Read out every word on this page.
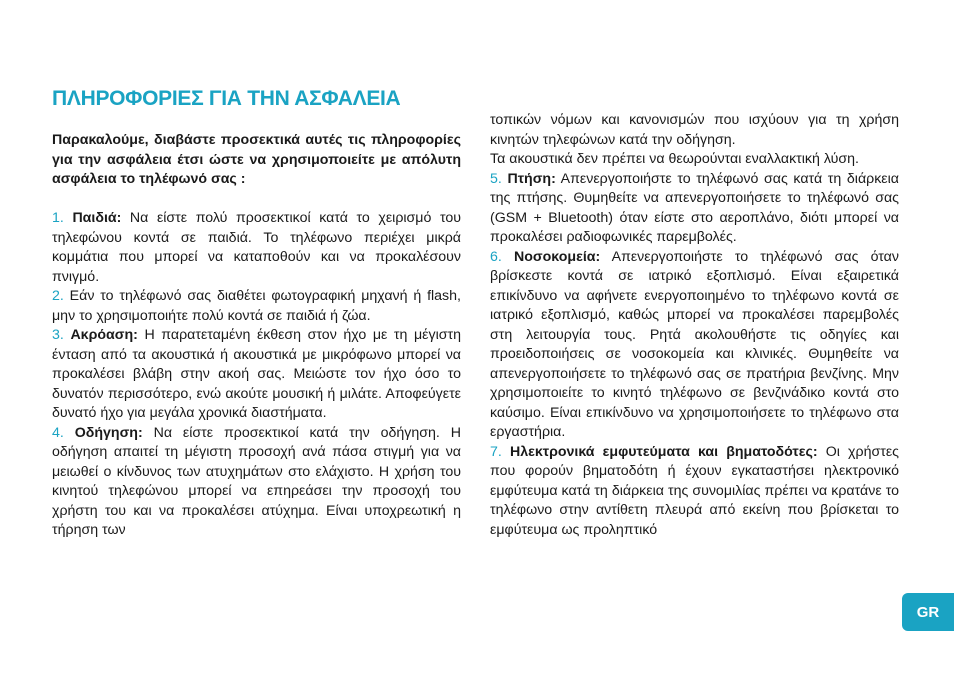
ΠΛΗΡΟΦΟΡΙΕΣ ΓΙΑ ΤΗΝ ΑΣΦΑΛΕΙΑ

Παρακαλούμε, διαβάστε προσεκτικά αυτές τις πληροφορίες για την ασφάλεια έτσι ώστε να χρησιμοποιείτε με απόλυτη ασφάλεια το τηλέφωνό σας :

1. Παιδιά: Να είστε πολύ προσεκτικοί κατά το χειρισμό του τηλεφώνου κοντά σε παιδιά. Το τηλέφωνο περιέχει μικρά κομμάτια που μπορεί να καταποθούν και να προκαλέσουν πνιγμό.

2. Εάν το τηλέφωνό σας διαθέτει φωτογραφική μηχανή ή flash, μην το χρησιμοποιήτε πολύ κοντά σε παιδιά ή ζώα.

3. Ακρόαση: Η παρατεταμένη έκθεση στον ήχο με τη μέγιστη ένταση από τα ακουστικά ή ακουστικά με μικρόφωνο μπορεί να προκαλέσει βλάβη στην ακοή σας. Μειώστε τον ήχο όσο το δυνατόν περισσότερο, ενώ ακούτε μουσική ή μιλάτε. Αποφεύγετε δυνατό ήχο για μεγάλα χρονικά διαστήματα.

4. Οδήγηση: Να είστε προσεκτικοί κατά την οδήγηση. Η οδήγηση απαιτεί τη μέγιστη προσοχή ανά πάσα στιγμή για να μειωθεί ο κίνδυνος των ατυχημάτων στο ελάχιστο. Η χρήση του κινητού τηλεφώνου μπορεί να επηρεάσει την προσοχή του χρήστη του και να προκαλέσει ατύχημα. Είναι υποχρεωτική η τήρηση των

τοπικών νόμων και κανονισμών που ισχύουν για τη χρήση κινητών τηλεφώνων κατά την οδήγηση.

Τα ακουστικά δεν πρέπει να θεωρούνται εναλλακτική λύση.

5. Πτήση: Απενεργοποιήστε το τηλέφωνό σας κατά τη διάρκεια της πτήσης. Θυμηθείτε να απενεργοποιήσετε το τηλέφωνό σας (GSM + Bluetooth) όταν είστε στο αεροπλάνο, διότι μπορεί να προκαλέσει ραδιοφωνικές παρεμβολές.

6. Νοσοκομεία: Απενεργοποιήστε το τηλέφωνό σας όταν βρίσκεστε κοντά σε ιατρικό εξοπλισμό. Είναι εξαιρετικά επικίνδυνο να αφήνετε ενεργοποιημένο το τηλέφωνο κοντά σε ιατρικό εξοπλισμό, καθώς μπορεί να προκαλέσει παρεμβολές στη λειτουργία τους. Ρητά ακολουθήστε τις οδηγίες και προειδοποιήσεις σε νοσοκομεία και κλινικές. Θυμηθείτε να απενεργοποιήσετε το τηλέφωνό σας σε πρατήρια βενζίνης. Μην χρησιμοποιείτε το κινητό τηλέφωνο σε βενζινάδικο κοντά στο καύσιμο. Είναι επικίνδυνο να χρησιμοποιήσετε το τηλέφωνο στα εργαστήρια.

7. Ηλεκτρονικά εμφυτεύματα και βηματοδότες: Οι χρήστες που φορούν βηματοδότη ή έχουν εγκαταστήσει ηλεκτρονικό εμφύτευμα κατά τη διάρκεια της συνομιλίας πρέπει να κρατάνε το τηλέφωνο στην αντίθετη πλευρά από εκείνη που βρίσκεται το εμφύτευμα ως προληπτικό

GR
